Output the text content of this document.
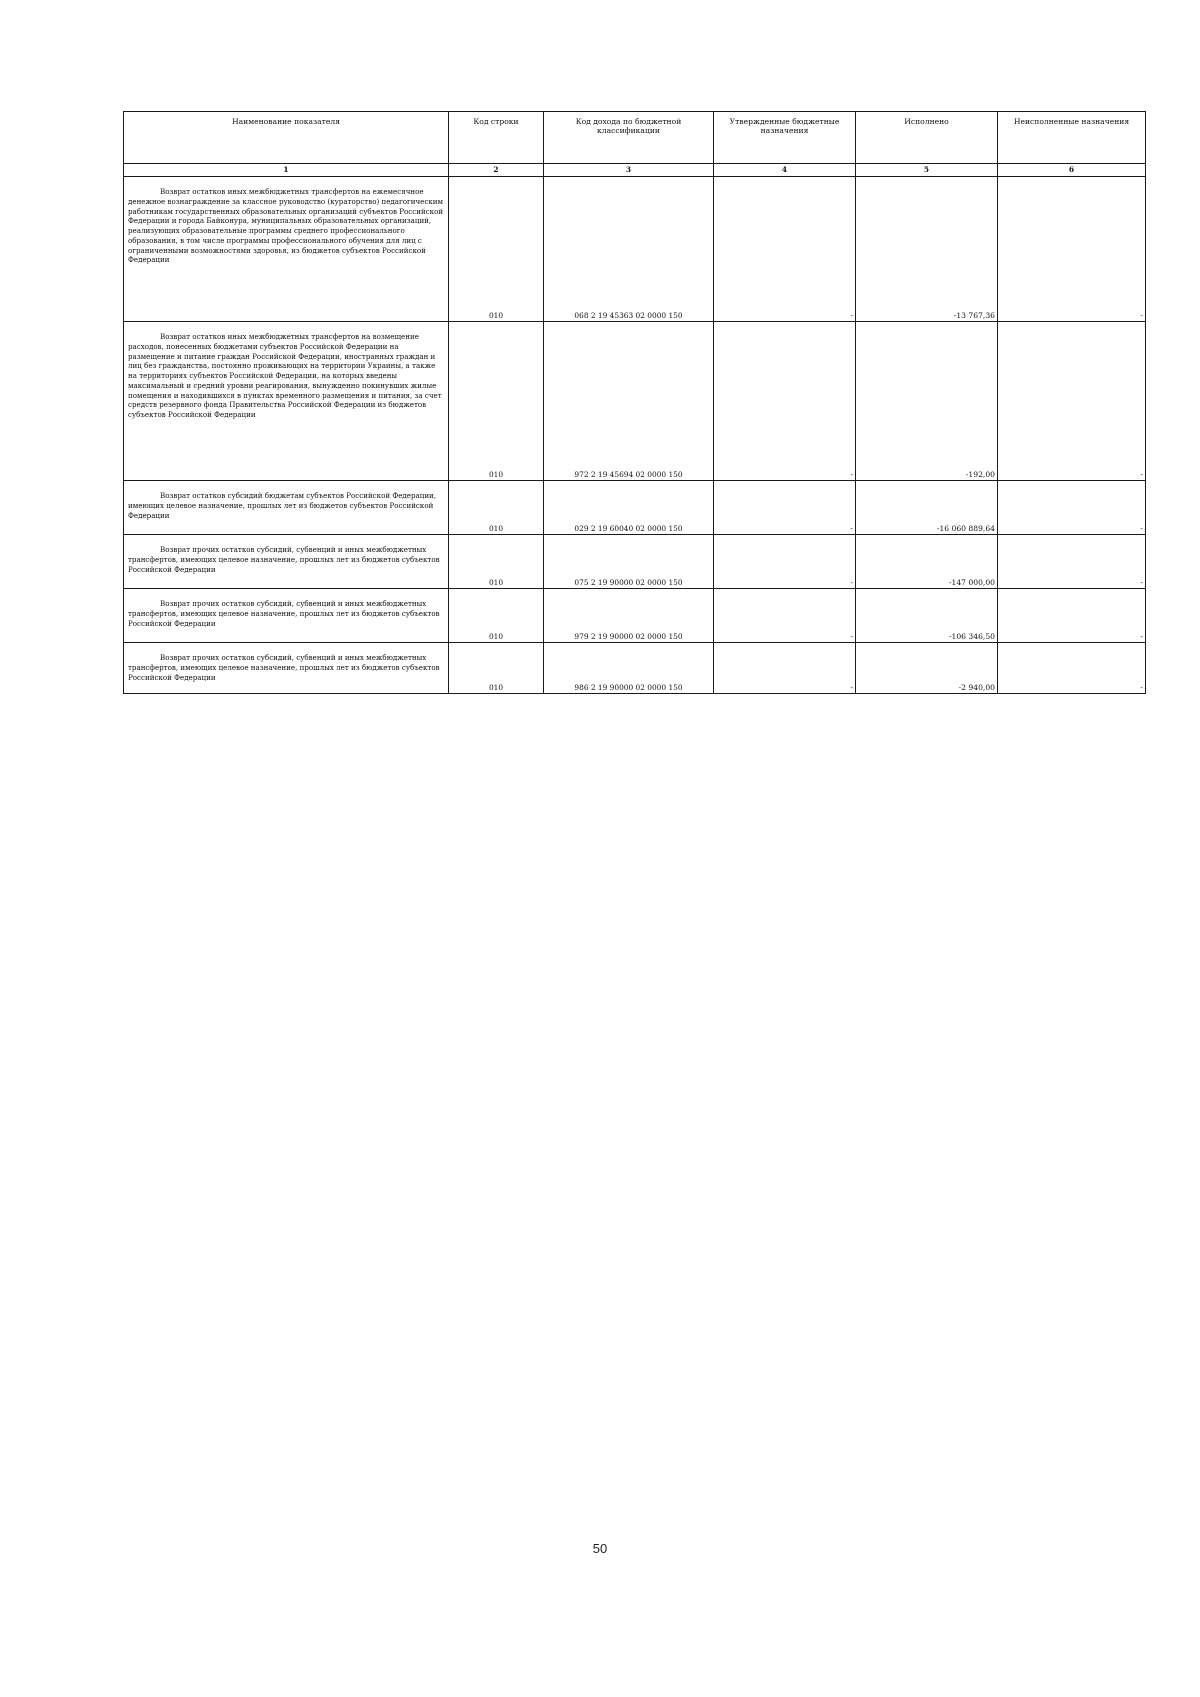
Наименование показателя	Код строки	Код дохода по бюджетной классификации	Утвержденные бюджетные назначения	Исполнено	Неисполненные назначения
1	2	3	4	5	6

Возврат остатков иных межбюджетных трансфертов на ежемесячное денежное вознаграждение за классное руководство (кураторство) педагогическим работникам государственных образовательных организаций субъектов Российской Федерации и города Байконура, муниципальных образовательных организаций, реализующих образовательные программы среднего профессионального образования, в том числе программы профессионального обучения для лиц с ограниченными возможностями здоровья, из бюджетов субъектов Российской Федерации	010	068 2 19 45363 02 0000 150	-	-13 767,36	-

Возврат остатков иных межбюджетных трансфертов на возмещение расходов, понесенных бюджетами субъектов Российской Федерации на размещение и питание граждан Российской Федерации, иностранных граждан и лиц без гражданства, постоянно проживающих на территории Украины, а также на территориях субъектов Российской Федерации, на которых введены максимальный и средний уровни реагирования, вынужденно покинувших жилые помещения и находившихся в пунктах временного размещения и питания, за счет средств резервного фонда Правительства Российской Федерации из бюджетов субъектов Российской Федерации	010	972 2 19 45694 02 0000 150	-	-192,00	-

Возврат остатков субсидий бюджетам субъектов Российской Федерации, имеющих целевое назначение, прошлых лет из бюджетов субъектов Российской Федерации	010	029 2 19 60040 02 0000 150	-	-16 060 889,64	-

Возврат прочих остатков субсидий, субвенций и иных межбюджетных трансфертов, имеющих целевое назначение, прошлых лет из бюджетов субъектов Российской Федерации	010	075 2 19 90000 02 0000 150	-	-147 000,00	-

Возврат прочих остатков субсидий, субвенций и иных межбюджетных трансфертов, имеющих целевое назначение, прошлых лет из бюджетов субъектов Российской Федерации	010	979 2 19 90000 02 0000 150	-	-106 346,50	-

Возврат прочих остатков субсидий, субвенций и иных межбюджетных трансфертов, имеющих целевое назначение, прошлых лет из бюджетов субъектов Российской Федерации	010	986 2 19 90000 02 0000 150	-	-2 940,00	-
50
